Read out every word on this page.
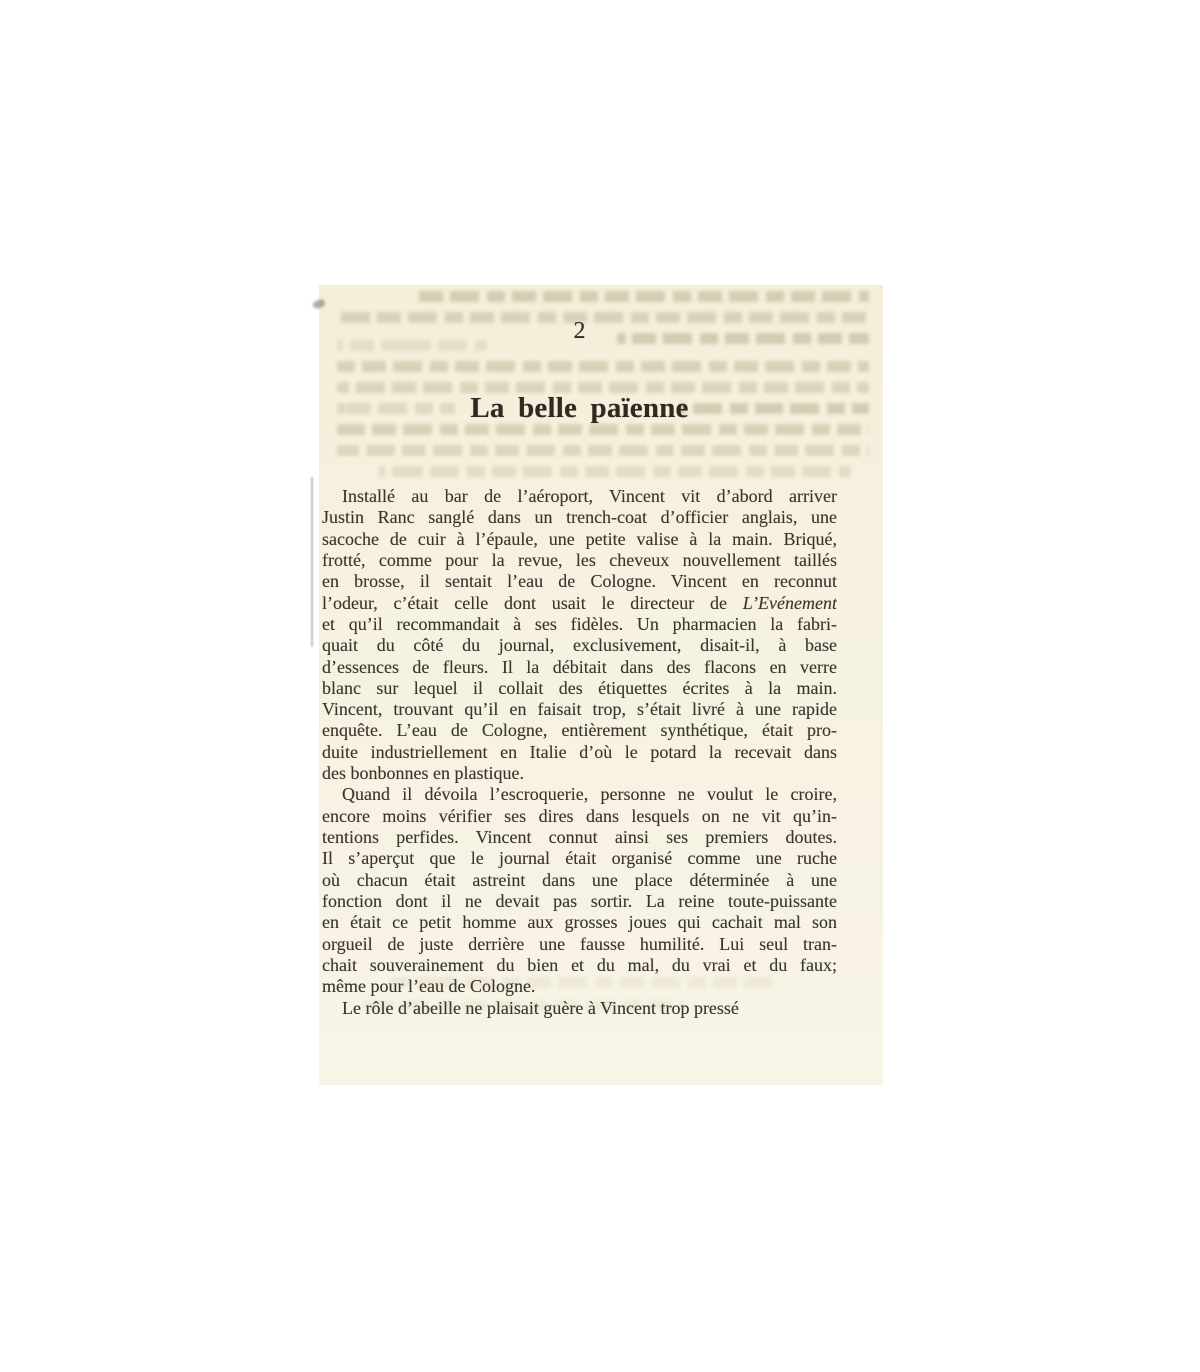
2
La belle païenne
Installé au bar de l’aéroport, Vincent vit d’abord arriver
Justin Ranc sanglé dans un trench-coat d’officier anglais, une
sacoche de cuir à l’épaule, une petite valise à la main. Briqué,
frotté, comme pour la revue, les cheveux nouvellement taillés
en brosse, il sentait l’eau de Cologne. Vincent en reconnut
l’odeur, c’était celle dont usait le directeur de L’Evénement
et qu’il recommandait à ses fidèles. Un pharmacien la fabri-
quait du côté du journal, exclusivement, disait-il, à base
d’essences de fleurs. Il la débitait dans des flacons en verre
blanc sur lequel il collait des étiquettes écrites à la main.
Vincent, trouvant qu’il en faisait trop, s’était livré à une rapide
enquête. L’eau de Cologne, entièrement synthétique, était pro-
duite industriellement en Italie d’où le potard la recevait dans
des bonbonnes en plastique.
Quand il dévoila l’escroquerie, personne ne voulut le croire,
encore moins vérifier ses dires dans lesquels on ne vit qu’in-
tentions perfides. Vincent connut ainsi ses premiers doutes.
Il s’aperçut que le journal était organisé comme une ruche
où chacun était astreint dans une place déterminée à une
fonction dont il ne devait pas sortir. La reine toute-puissante
en était ce petit homme aux grosses joues qui cachait mal son
orgueil de juste derrière une fausse humilité. Lui seul tran-
chait souverainement du bien et du mal, du vrai et du faux;
même pour l’eau de Cologne.
Le rôle d’abeille ne plaisait guère à Vincent trop pressé
